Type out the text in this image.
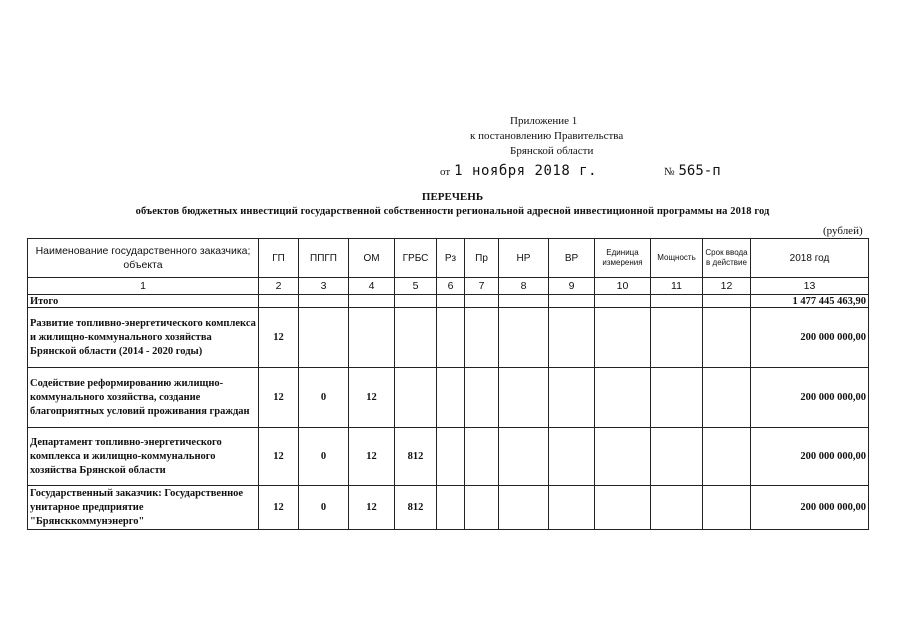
Приложение 1
к постановлению Правительства
Брянской области
от 1 ноября 2018 г.	№ 565-п
ПЕРЕЧЕНЬ
объектов бюджетных инвестиций государственной собственности региональной адресной инвестиционной программы на 2018 год
(рублей)
Наименование государственного заказчика; объекта	ГП	ППГП	ОМ	ГРБС	Рз	Пр	НР	ВР	Единица измерения	Мощность	Срок ввода в действие	2018 год
1	2	3	4	5	6	7	8	9	10	11	12	13
Итого												1 477 445 463,90
Развитие топливно-энергетического комплекса и жилищно-коммунального хозяйства Брянской области (2014 - 2020 годы)	12											200 000 000,00
Содействие реформированию жилищно-коммунального хозяйства, создание благоприятных условий проживания граждан	12	0	12									200 000 000,00
Департамент топливно-энергетического комплекса и жилищно-коммунального хозяйства Брянской области	12	0	12	812								200 000 000,00
Государственный заказчик: Государственное унитарное предприятие "Брянсккоммунэнерго"	12	0	12	812								200 000 000,00
